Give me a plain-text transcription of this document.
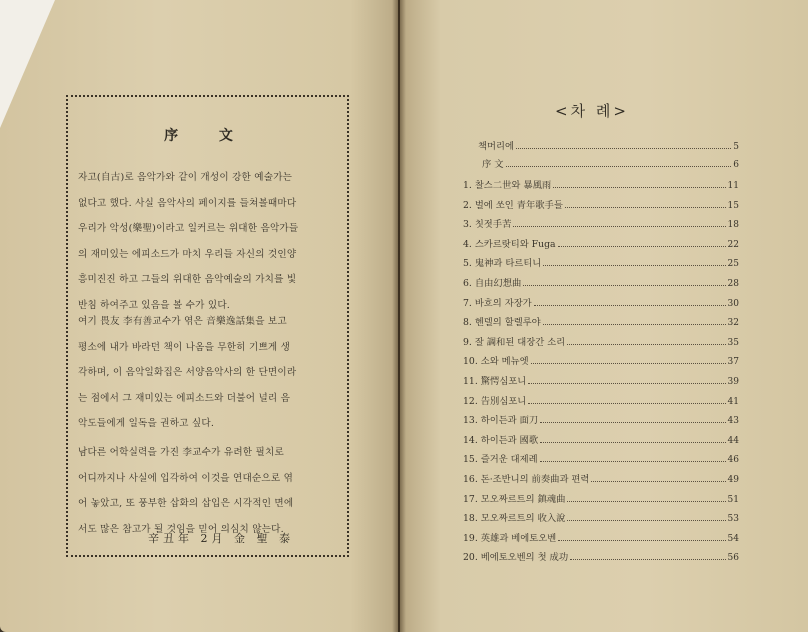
序 文
자고(自古)로 음악가와 같이 개성이 강한 예술가는
없다고 했다. 사실 음악사의 페이지를 들쳐볼때마다
우리가 악성(樂聖)이라고 일커르는 위대한 음악가들
의 재미있는 에피소드가 마치 우리들 자신의 것인양
흥미진진 하고 그들의 위대한 음악예술의 가치를 빛
반침 하여주고 있음을 볼 수가 있다.
여기 畏友 李有善교수가 엮은 音樂逸話集을 보고
평소에 내가 바라던 책이 나옴을 무한히 기쁘게 생
각하며, 이 음악일화집은 서양음악사의 한 단면이라
는 점에서 그 재미있는 에피소드와 더불어 널리 음
악도들에게 일독을 권하고 싶다.
남다른 어학실력을 가진 李교수가 유려한 필치로
어디까지나 사실에 입각하여 이것을 연대순으로 엮
어 놓았고, 또 풍부한 삽화의 삽입은 시각적인 면에
서도 많은 참고가 될 것임을 믿어 의심치 않는다.
辛丑年 2月 金 聖 泰
<차 례>
책머리에	5
序 文	6
1. 찰스二世와 暴風雨	11
2. 벌에 쏘인 青年歌手들	15
3. 칫젓手苦	18
4. 스카르랏티와 Fuga	22
5. 鬼神과 타르티니	25
6. 自由幻想曲	28
7. 바흐의 자장가	30
8. 헨델의 할렐루야	32
9. 잘 調和된 대장간 소리	35
10. 소와 메뉴엣	37
11. 驚愕심포니	39
12. 告別심포니	41
13. 하이든과 面刀	43
14. 하이든과 國歌	44
15. 즐거운 대제례	46
16. 돈·조반니의 前奏曲과 편력	49
17. 모오짜르트의 鎮魂曲	51
18. 모오짜르트의 收入說	53
19. 英雄과 베에토오벤	54
20. 베에토오벤의 첫 成功	56
